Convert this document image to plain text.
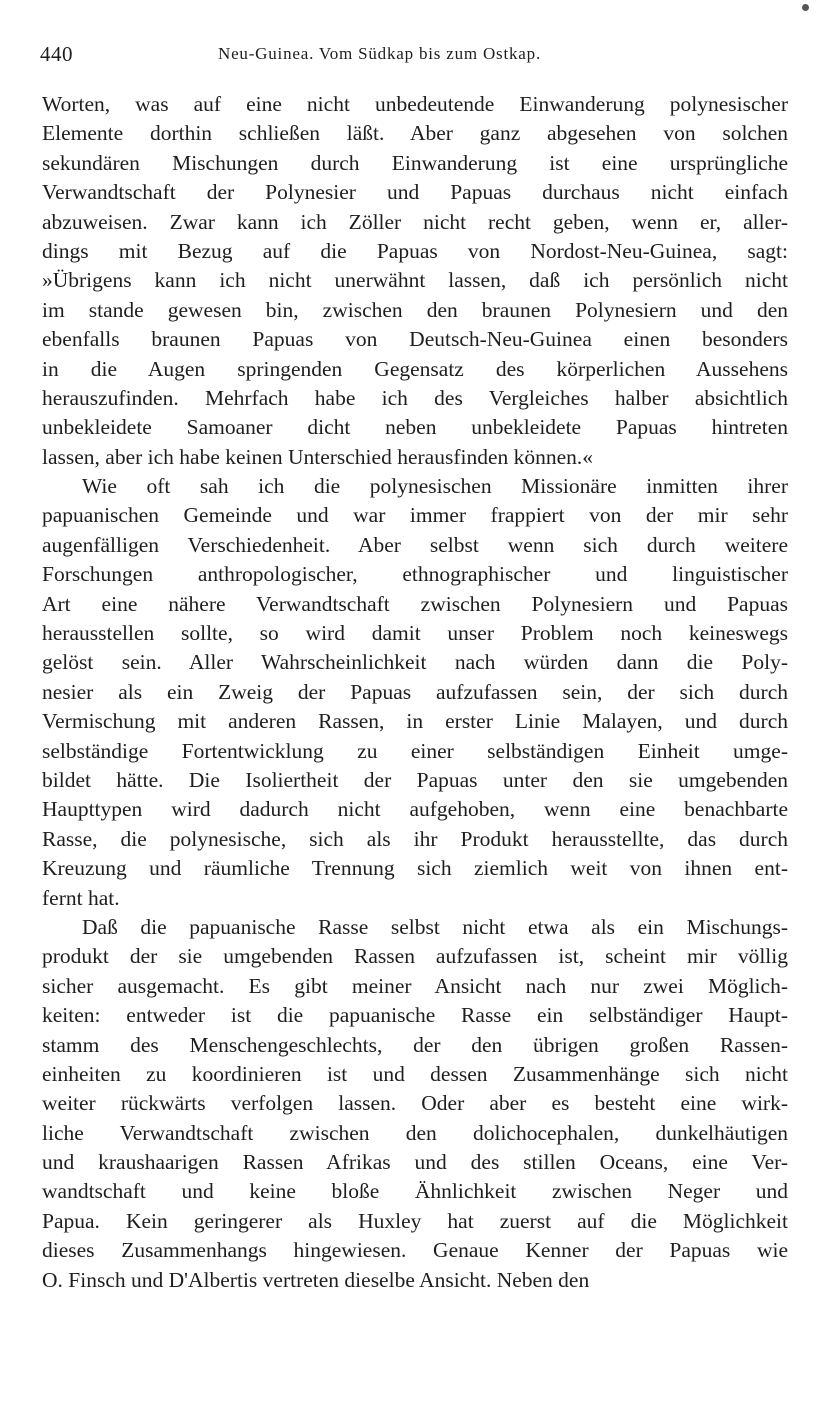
440	Neu-Guinea. Vom Südkap bis zum Ostkap.
Worten, was auf eine nicht unbedeutende Einwanderung polynesischer
Elemente dorthin schließen läßt. Aber ganz abgesehen von solchen
sekundären Mischungen durch Einwanderung ist eine ursprüngliche
Verwandtschaft der Polynesier und Papuas durchaus nicht einfach
abzuweisen. Zwar kann ich Zöller nicht recht geben, wenn er, aller-
dings mit Bezug auf die Papuas von Nordost-Neu-Guinea, sagt:
»Übrigens kann ich nicht unerwähnt lassen, daß ich persönlich nicht
im stande gewesen bin, zwischen den braunen Polynesiern und den
ebenfalls braunen Papuas von Deutsch-Neu-Guinea einen besonders
in die Augen springenden Gegensatz des körperlichen Aussehens
herauszufinden. Mehrfach habe ich des Vergleiches halber absichtlich
unbekleidete Samoaner dicht neben unbekleidete Papuas hintreten
lassen, aber ich habe keinen Unterschied herausfinden können.«
Wie oft sah ich die polynesischen Missionäre inmitten ihrer
papuanischen Gemeinde und war immer frappiert von der mir sehr
augenfälligen Verschiedenheit. Aber selbst wenn sich durch weitere
Forschungen anthropologischer, ethnographischer und linguistischer
Art eine nähere Verwandtschaft zwischen Polynesiern und Papuas
herausstellen sollte, so wird damit unser Problem noch keineswegs
gelöst sein. Aller Wahrscheinlichkeit nach würden dann die Poly-
nesier als ein Zweig der Papuas aufzufassen sein, der sich durch
Vermischung mit anderen Rassen, in erster Linie Malayen, und durch
selbständige Fortentwicklung zu einer selbständigen Einheit umge-
bildet hätte. Die Isoliertheit der Papuas unter den sie umgebenden
Haupttypen wird dadurch nicht aufgehoben, wenn eine benachbarte
Rasse, die polynesische, sich als ihr Produkt herausstellte, das durch
Kreuzung und räumliche Trennung sich ziemlich weit von ihnen ent-
fernt hat.
Daß die papuanische Rasse selbst nicht etwa als ein Mischungs-
produkt der sie umgebenden Rassen aufzufassen ist, scheint mir völlig
sicher ausgemacht. Es gibt meiner Ansicht nach nur zwei Möglich-
keiten: entweder ist die papuanische Rasse ein selbständiger Haupt-
stamm des Menschengeschlechts, der den übrigen großen Rassen-
einheiten zu koordinieren ist und dessen Zusammenhänge sich nicht
weiter rückwärts verfolgen lassen. Oder aber es besteht eine wirk-
liche Verwandtschaft zwischen den dolichocephalen, dunkelhäutigen
und kraushaarigen Rassen Afrikas und des stillen Oceans, eine Ver-
wandtschaft und keine bloße Ähnlichkeit zwischen Neger und
Papua. Kein geringerer als Huxley hat zuerst auf die Möglichkeit
dieses Zusammenhangs hingewiesen. Genaue Kenner der Papuas wie
O. Finsch und D'Albertis vertreten dieselbe Ansicht. Neben den
